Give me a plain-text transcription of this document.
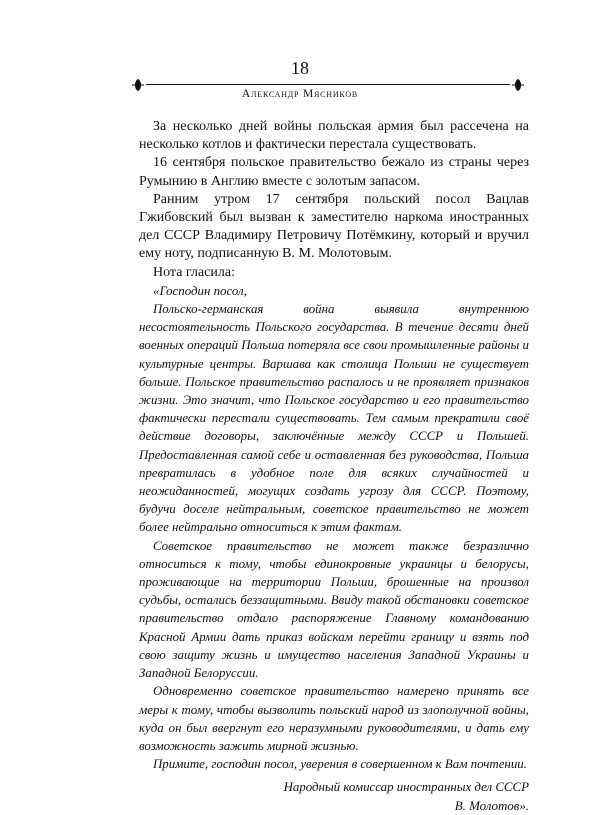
18
Александр Мясников

За несколько дней войны польская армия был рассечена на несколько котлов и фактически перестала существовать.

16 сентября польское правительство бежало из страны через Румынию в Англию вместе с золотым запасом.

Ранним утром 17 сентября польский посол Вацлав Гжибовский был вызван к заместителю наркома иностранных дел СССР Владимиру Петровичу Потёмкину, который и вручил ему ноту, подписанную В. М. Молотовым.

Нота гласила:

«Господин посол,

Польско-германская война выявила внутреннюю несостоятельность Польского государства. В течение десяти дней военных операций Польша потеряла все свои промышленные районы и культурные центры. Варшава как столица Польши не существует больше. Польское правительство распалось и не проявляет признаков жизни. Это значит, что Польское государство и его правительство фактически перестали существовать. Тем самым прекратили своё действие договоры, заключённые между СССР и Польшей. Предоставленная самой себе и оставленная без руководства, Польша превратилась в удобное поле для всяких случайностей и неожиданностей, могущих создать угрозу для СССР. Поэтому, будучи доселе нейтральным, советское правительство не может более нейтрально относиться к этим фактам.

Советское правительство не может также безразлично относиться к тому, чтобы единокровные украинцы и белорусы, проживающие на территории Польши, брошенные на произвол судьбы, остались беззащитными. Ввиду такой обстановки советское правительство отдало распоряжение Главному командованию Красной Армии дать приказ войскам перейти границу и взять под свою защиту жизнь и имущество населения Западной Украины и Западной Белоруссии.

Одновременно советское правительство намерено принять все меры к тому, чтобы вызволить польский народ из злополучной войны, куда он был ввергнут его неразумными руководителями, и дать ему возможность зажить мирной жизнью.

Примите, господин посол, уверения в совершенном к Вам почтении.

Народный комиссар иностранных дел СССР

В. Молотов».
